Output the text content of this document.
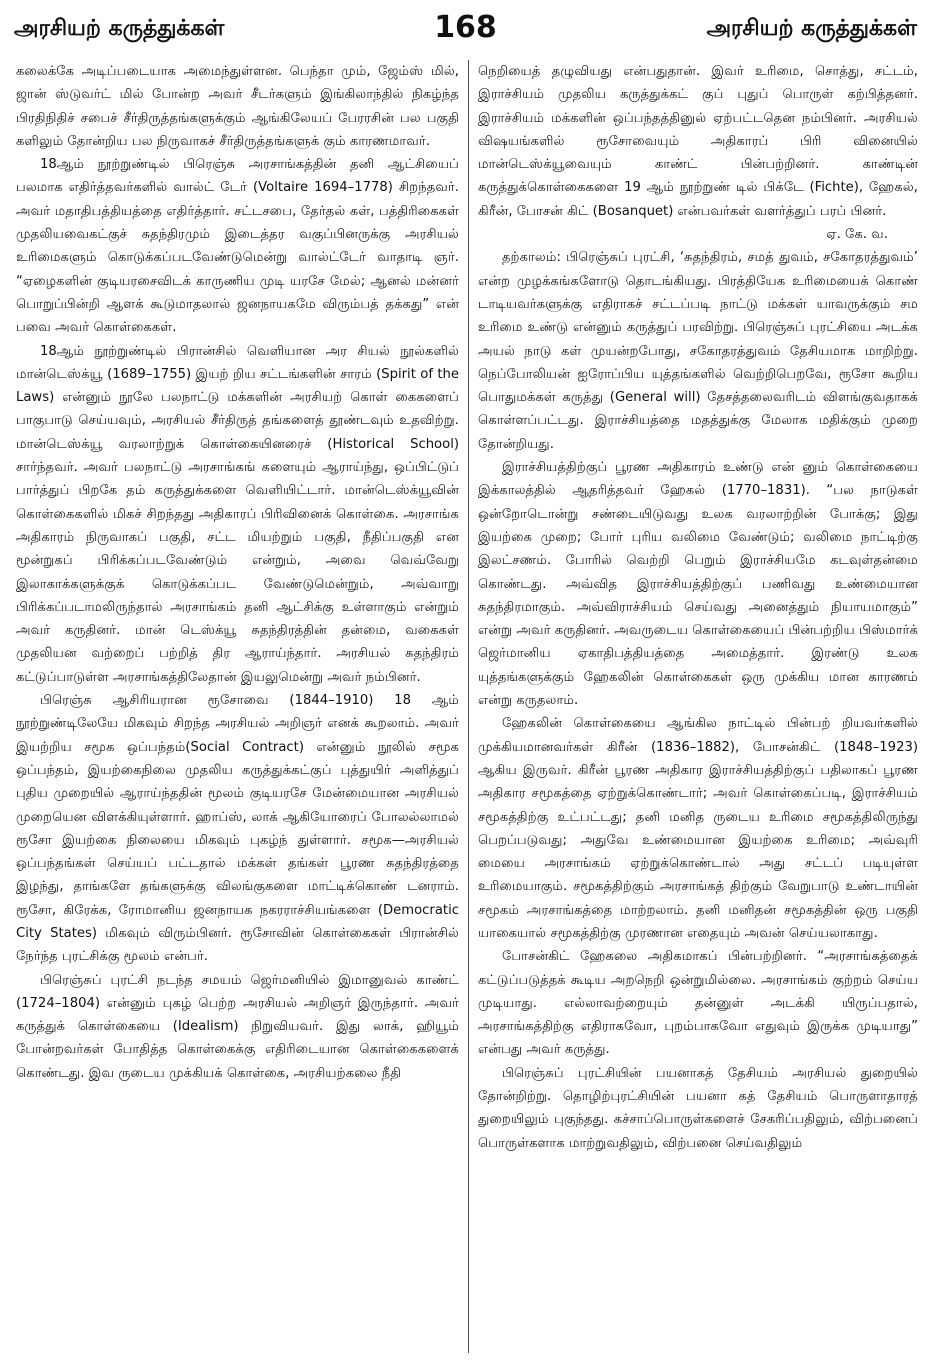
அரசியற் கருத்துக்கள்	168	அரசியற் கருத்துக்கள்

கலைக்கே அடிப்படையாக அமைந்துள்ளன. பெந்தா மும், ஜேம்ஸ் மில், ஜான் ஸ்டுவர்ட் மில் போன்ற அவர் சீடர்களும் இங்கிலாந்தில் நிகழ்ந்த பிரதிநிதிச் சபைச் சீர்திருத்தங்களுக்கும் ஆங்கிலேயப் பேரரசின் பல பகுதி களிலும் தோன்றிய பல நிருவாகச் சீர்திருத்தங்களுக் கும் காரணமாவர்.

18ஆம் நூற்றுண்டில் பிரெஞ்சு அரசாங்கத்தின் தனி ஆட்சியைப் பலமாக எதிர்த்தவர்களில் வால்ட் டேர் (Voltaire 1694–1778) சிறந்தவர். அவர் மதாதிபத்தியத்தை எதிர்த்தார். சட்டசபை, தேர்தல் கள், பத்திரிகைகள் முதலியவைகட்குச் சுதந்திரமும் இடைத்தர வகுப்பினருக்கு அரசியல் உரிமைகளும் கொடுக்கப்படவேண்டுமென்று வால்ட்டேர் வாதாடி ஞர். “ஏழைகளின் குடியரசைவிடக் காருணிய முடி யரசே மேல்; ஆனல் மன்னர் பொறுப்பின்றி ஆளக் கூடுமாதலால் ஜனநாயகமே விரும்பத் தக்கது” என் பவை அவர் கொள்கைகள்.

18ஆம் நூற்றுண்டில் பிரான்சில் வெளியான அர சியல் நூல்களில் மான்டெஸ்க்யூ (1689–1755) இயற் றிய சட்டங்களின் சாரம் (Spirit of the Laws) என்னும் நூலே பலநாட்டு மக்களின் அரசியற் கொள் கைகளைப் பாகுபாடு செய்யவும், அரசியல் சீர்திருத் தங்களைத் தூண்டவும் உதவிற்று. மான்டெஸ்க்யூ வரலாற்றுக் கொள்கையினரைச் (Historical School) சார்ந்தவர். அவர் பலநாட்டு அரசாங்கங் களையும் ஆராய்ந்து, ஒப்பிட்டுப் பார்த்துப் பிறகே தம் கருத்துக்களை வெளியிட்டார். மான்டெஸ்க்யூவின் கொள்கைகளில் மிகச் சிறந்தது அதிகாரப் பிரிவினைக் கொள்கை. அரசாங்க அதிகாரம் நிருவாகப் பகுதி, சட்ட மியற்றும் பகுதி, நீதிப்பகுதி என மூன்றுகப் பிரிக்கப்படவேண்டும் என்றும், அவை வெவ்வேறு இலாகாக்களுக்குக் கொடுக்கப்பட வேண்டுமென்றும், அவ்வாறு பிரிக்கப்படாமலிருந்தால் அரசாங்கம் தனி ஆட்சிக்கு உள்ளாகும் என்றும் அவர் கருதினர். மான் டெஸ்க்யூ சுதந்திரத்தின் தன்மை, வகைகள் முதலியன வற்றைப் பற்றித் திர ஆராய்ந்தார். அரசியல் சுதந்திரம் கட்டுப்பாடுள்ள அரசாங்கத்திலேதான் இயலுமென்று அவர் நம்பினர்.

பிரெஞ்சு ஆசிரியரான ரூசோவை (1844–1910) 18 ஆம் நூற்றுண்டிலேயே மிகவும் சிறந்த அரசியல் அறிஞர் எனக் கூறலாம். அவர் இயற்றிய சமூக ஒப்பந்தம்(Social Contract) என்னும் நூலில் சமூக ஒப்பந்தம், இயற்கைநிலை முதலிய கருத்துக்கட்குப் புத்துயிர் அளித்துப் புதிய முறையில் ஆராய்ந்ததின் மூலம் குடியரசே மேன்மையான அரசியல் முறையென விளக்கியுள்ளார். ஹாப்ஸ், லாக் ஆகியோரைப் போலல்லாமல் ரூசோ இயற்கை நிலையை மிகவும் புகழ்ந் துள்ளார். சமூக—அரசியல் ஒப்பந்தங்கள் செய்யப் பட்டதால் மக்கள் தங்கள் பூரண சுதந்திரத்தை இழந்து, தாங்களே தங்களுக்கு விலங்குகளை மாட்டிக்கொண் டனராம். ரூசோ, கிரேக்க, ரோமானிய ஜனநாயக நகரராச்சியங்களை (Democratic City States) மிகவும் விரும்பினர். ரூசோவின் கொள்கைகள் பிரான்சில் நேர்ந்த புரட்சிக்கு மூலம் என்பர்.

பிரெஞ்சுப் புரட்சி நடந்த சமயம் ஜெர்மனியில் இமானுவல் காண்ட் (1724–1804) என்னும் புகழ் பெற்ற அரசியல் அறிஞர் இருந்தார். அவர் கருத்துக் கொள்கையை (Idealism) நிறுவியவர். இது லாக், ஹியூம் போன்றவர்கள் போதித்த கொள்கைக்கு எதிரிடையான கொள்கைகளைக் கொண்டது. இவ ருடைய முக்கியக் கொள்கை, அரசியற்கலை நீதி

நெறியைத் தழுவியது என்பதுதான். இவர் உரிமை, சொத்து, சட்டம், இராச்சியம் முதலிய கருத்துக்கட் குப் புதுப் பொருள் கற்பித்தனர். இராச்சியம் மக்களின் ஒப்பந்தத்தினுல் ஏற்பட்டதென நம்பினர். அரசியல் விஷயங்களில் ரூசோவையும் அதிகாரப் பிரி வினையில் மான்டெஸ்க்யூவையும் காண்ட் பின்பற்றினர். காண்டின் கருத்துக்கொள்கைகளை 19 ஆம் நூற்றுண் டில் பிக்டே (Fichte), ஹேகல், கிரீன், போசன் கிட் (Bosanquet) என்பவர்கள் வளர்த்துப் பரப் பினர்.

ஏ. கே. வ.

தற்காலம்: பிரெஞ்சுப் புரட்சி, ‘சுதந்திரம், சமத் துவம், சகோதரத்துவம்’ என்ற முழக்கங்களோடு தொடங்கியது. பிரத்தியேக உரிமையைக் கொண் டாடியவர்களுக்கு எதிராகச் சட்டப்படி நாட்டு மக்கள் யாவருக்கும் சம உரிமை உண்டு என்னும் கருத்துப் பரவிற்று. பிரெஞ்சுப் புரட்சியை அடக்க அயல் நாடு கள் முயன்றபோது, சகோதரத்துவம் தேசியமாக மாறிற்று. நெப்போலியன் ஐரோப்பிய யுத்தங்களில் வெற்றிபெறவே, ரூசோ கூறிய பொதுமக்கள் கருத்து (General will) தேசத்தலைவரிடம் விளங்குவதாகக் கொள்ளப்பட்டது. இராச்சியத்தை மதத்துக்கு மேலாக மதிக்கும் முறை தோன்றியது.

இராச்சியத்திற்குப் பூரண அதிகாரம் உண்டு என் னும் கொள்கையை இக்காலத்தில் ஆதரித்தவர் ஹேகல் (1770–1831). “பல நாடுகள் ஒன்றோடொன்று சண்டையிடுவது உலக வரலாற்றின் போக்கு; இது இயற்கை முறை; போர் புரிய வலிமை வேண்டும்; வலிமை நாட்டிற்கு இலட்சணம். போரில் வெற்றி பெறும் இராச்சியமே கடவுள்தன்மை கொண்டது. அவ்வித இராச்சியத்திற்குப் பணிவது உண்மையான சுதந்திரமாகும். அவ்விராச்சியம் செய்வது அனைத்தும் நியாயமாகும்” என்று அவர் கருதினர். அவருடைய கொள்கையைப் பின்பற்றிய பிஸ்மார்க் ஜெர்மானிய ஏகாதிபத்தியத்தை அமைத்தார். இரண்டு உலக யுத்தங்களுக்கும் ஹேகலின் கொள்கைகள் ஒரு முக்கிய மான காரணம் என்று கருதலாம்.

ஹேகலின் கொள்கையை ஆங்கில நாட்டில் பின்பற் றியவர்களில் முக்கியமானவர்கள் கிரீன் (1836–1882), போசன்கிட் (1848–1923) ஆகிய இருவர். கிரீன் பூரண அதிகார இராச்சியத்திற்குப் பதிலாகப் பூரண அதிகார சமூகத்தை ஏற்றுக்கொண்டார்; அவர் கொள்கைப்படி, இராச்சியம் சமூகத்திற்கு உட்பட்டது; தனி மனித ருடைய உரிமை சமூகத்திலிருந்து பெறப்படுவது; அதுவே உண்மையான இயற்கை உரிமை; அவ்வுரி மையை அரசாங்கம் ஏற்றுக்கொண்டால் அது சட்டப் படியுள்ள உரிமையாகும். சமூகத்திற்கும் அரசாங்கத் திற்கும் வேறுபாடு உண்டாயின் சமூகம் அரசாங்கத்தை மாற்றலாம். தனி மனிதன் சமூகத்தின் ஒரு பகுதி யாகையால் சமூகத்திற்கு முரணான எதையும் அவன் செய்யலாகாது.

போசன்கிட் ஹேகலை அதிகமாகப் பின்பற்றினர். “அரசாங்கத்தைக் கட்டுப்படுத்தக் கூடிய அறநெறி ஒன்றுமில்லை. அரசாங்கம் குற்றம் செய்ய முடியாது. எல்லாவற்றையும் தன்னுள் அடக்கி யிருப்பதால், அரசாங்கத்திற்கு எதிராகவோ, புறம்பாகவோ எதுவும் இருக்க முடியாது” என்பது அவர் கருத்து.

பிரெஞ்சுப் புரட்சியின் பயனாகத் தேசியம் அரசியல் துறையில் தோன்றிற்று. தொழிற்புரட்சியின் பயனா கத் தேசியம் பொருளாதாரத் துறையிலும் புகுந்தது. கச்சாப்பொருள்களைச் சேகரிப்பதிலும், விற்பனைப் பொருள்களாக மாற்றுவதிலும், விற்பனை செய்வதிலும்
